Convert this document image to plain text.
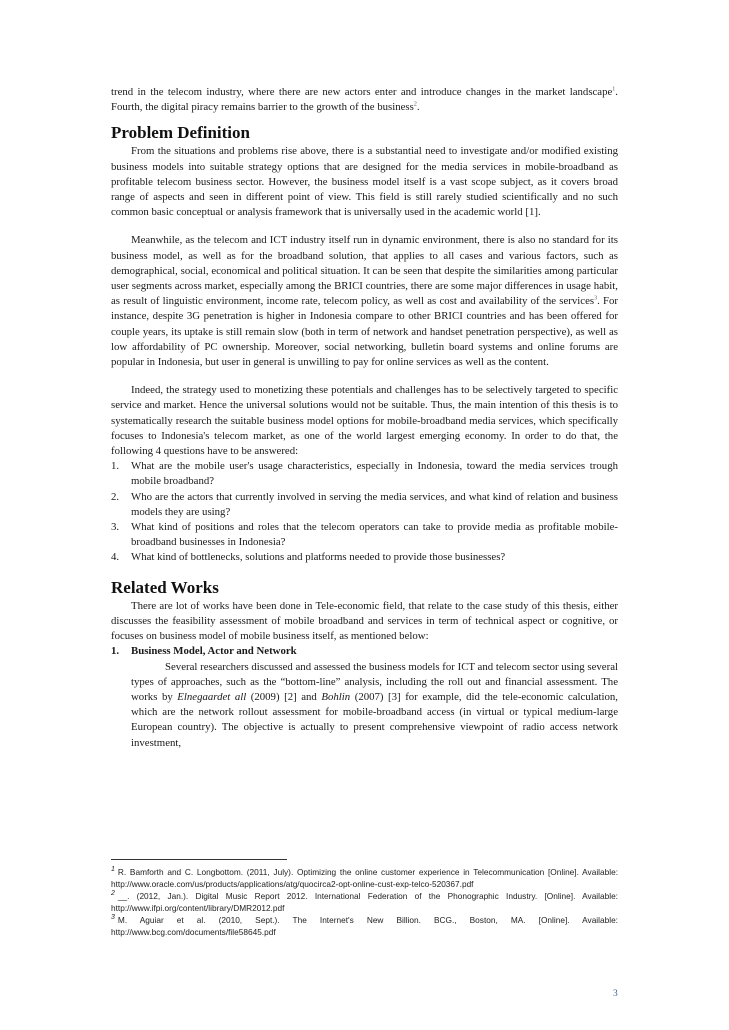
trend in the telecom industry, where there are new actors enter and introduce changes in the market landscape$^1$. Fourth, the digital piracy remains barrier to the growth of the business$^2$.

Problem Definition

From the situations and problems rise above, there is a substantial need to investigate and/or modified existing business models into suitable strategy options that are designed for the media services in mobile-broadband as profitable telecom business sector. However, the business model itself is a vast scope subject, as it covers broad range of aspects and seen in different point of view. This field is still rarely studied scientifically and no such common basic conceptual or analysis framework that is universally used in the academic world [1].

Meanwhile, as the telecom and ICT industry itself run in dynamic environment, there is also no standard for its business model, as well as for the broadband solution, that applies to all cases and various factors, such as demographical, social, economical and political situation. It can be seen that despite the similarities among particular user segments across market, especially among the BRICI countries, there are some major differences in usage habit, as result of linguistic environment, income rate, telecom policy, as well as cost and availability of the services$^3$. For instance, despite 3G penetration is higher in Indonesia compare to other BRICI countries and has been offered for couple years, its uptake is still remain slow (both in term of network and handset penetration perspective), as well as low affordability of PC ownership. Moreover, social networking, bulletin board systems and online forums are popular in Indonesia, but user in general is unwilling to pay for online services as well as the content.

Indeed, the strategy used to monetizing these potentials and challenges has to be selectively targeted to specific service and market. Hence the universal solutions would not be suitable. Thus, the main intention of this thesis is to systematically research the suitable business model options for mobile-broadband media services, which specifically focuses to Indonesia's telecom market, as one of the world largest emerging economy. In order to do that, the following 4 questions have to be answered:

1. What are the mobile user's usage characteristics, especially in Indonesia, toward the media services trough mobile broadband?
2. Who are the actors that currently involved in serving the media services, and what kind of relation and business models they are using?
3. What kind of positions and roles that the telecom operators can take to provide media as profitable mobile-broadband businesses in Indonesia?
4. What kind of bottlenecks, solutions and platforms needed to provide those businesses?
Related Works

There are lot of works have been done in Tele-economic field, that relate to the case study of this thesis, either discusses the feasibility assessment of mobile broadband and services in term of technical aspect or cognitive, or focuses on business model of mobile business itself, as mentioned below:

1. Business Model, Actor and Network

Several researchers discussed and assessed the business models for ICT and telecom sector using several types of approaches, such as the “bottom-line” analysis, including the roll out and financial assessment. The works by Elnegaardet all (2009) [2] and Bohlin (2007) [3] for example, did the tele-economic calculation, which are the network rollout assessment for mobile-broadband access (in virtual or typical medium-large European country). The objective is actually to present comprehensive viewpoint of radio access network investment,

$^1$ R. Bamforth and C. Longbottom. (2011, July). Optimizing the online customer experience in Telecommunication [Online]. Available: http://www.oracle.com/us/products/applications/atg/quocirca2-opt-online-cust-exp-telco-520367.pdf

$^2$ __. (2012, Jan.). Digital Music Report 2012. International Federation of the Phonographic Industry. [Online]. Available: http://www.ifpi.org/content/library/DMR2012.pdf

$^3$ M. Aguiar et al. (2010, Sept.). The Internet's New Billion. BCG., Boston, MA. [Online]. Available: http://www.bcg.com/documents/file58645.pdf

3
